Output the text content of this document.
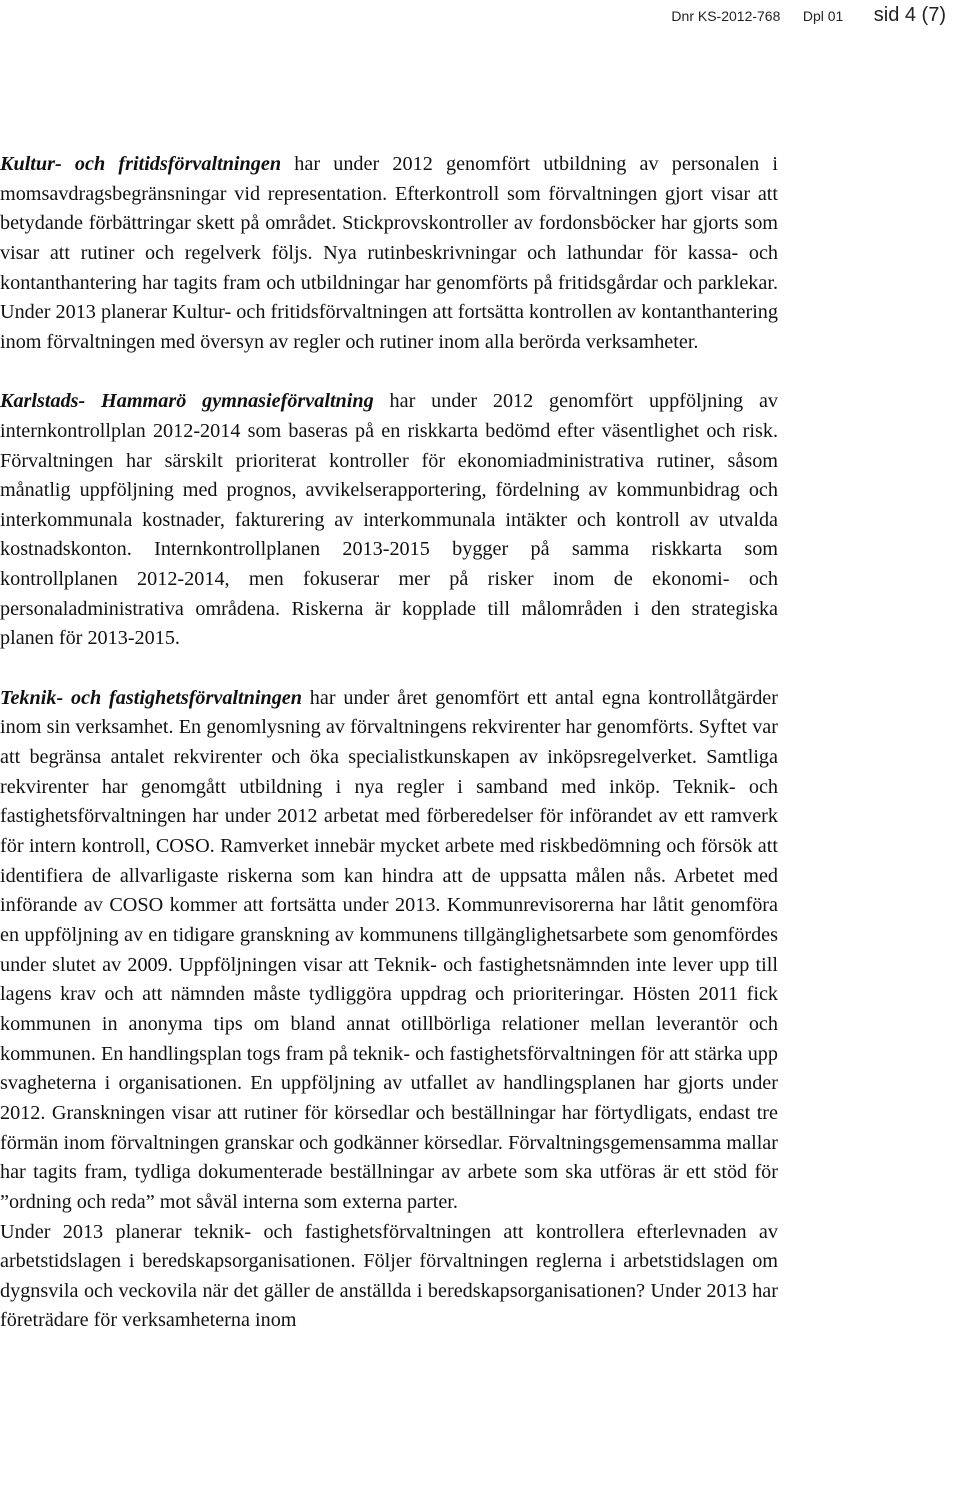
Dnr KS-2012-768 Dpl 01 sid 4 (7)

Kultur- och fritidsförvaltningen har under 2012 genomfört utbildning av personalen i momsavdragsbegränsningar vid representation. Efterkontroll som förvaltningen gjort visar att betydande förbättringar skett på området. Stickprovskontroller av fordonsböcker har gjorts som visar att rutiner och regelverk följs. Nya rutinbeskrivningar och lathundar för kassa- och kontanthantering har tagits fram och utbildningar har genomförts på fritidsgårdar och parklekar. Under 2013 planerar Kultur- och fritidsförvaltningen att fortsätta kontrollen av kontanthantering inom förvaltningen med översyn av regler och rutiner inom alla berörda verksamheter.

Karlstads- Hammarö gymnasieförvaltning har under 2012 genomfört uppföljning av internkontrollplan 2012-2014 som baseras på en riskkarta bedömd efter väsentlighet och risk. Förvaltningen har särskilt prioriterat kontroller för ekonomiadministrativa rutiner, såsom månatlig uppföljning med prognos, avvikelserapportering, fördelning av kommunbidrag och interkommunala kostnader, fakturering av interkommunala intäkter och kontroll av utvalda kostnadskonton. Internkontrollplanen 2013-2015 bygger på samma riskkarta som kontrollplanen 2012-2014, men fokuserar mer på risker inom de ekonomi- och personaladministrativa områdena. Riskerna är kopplade till målområden i den strategiska planen för 2013-2015.

Teknik- och fastighetsförvaltningen har under året genomfört ett antal egna kontrollåtgärder inom sin verksamhet. En genomlysning av förvaltningens rekvirenter har genomförts. Syftet var att begränsa antalet rekvirenter och öka specialistkunskapen av inköpsregelverket. Samtliga rekvirenter har genomgått utbildning i nya regler i samband med inköp. Teknik- och fastighetsförvaltningen har under 2012 arbetat med förberedelser för införandet av ett ramverk för intern kontroll, COSO. Ramverket innebär mycket arbete med riskbedömning och försök att identifiera de allvarligaste riskerna som kan hindra att de uppsatta målen nås. Arbetet med införande av COSO kommer att fortsätta under 2013. Kommunrevisorerna har låtit genomföra en uppföljning av en tidigare granskning av kommunens tillgänglighetsarbete som genomfördes under slutet av 2009. Uppföljningen visar att Teknik- och fastighetsnämnden inte lever upp till lagens krav och att nämnden måste tydliggöra uppdrag och prioriteringar. Hösten 2011 fick kommunen in anonyma tips om bland annat otillbörliga relationer mellan leverantör och kommunen. En handlingsplan togs fram på teknik- och fastighetsförvaltningen för att stärka upp svagheterna i organisationen. En uppföljning av utfallet av handlingsplanen har gjorts under 2012. Granskningen visar att rutiner för körsedlar och beställningar har förtydligats, endast tre förmän inom förvaltningen granskar och godkänner körsedlar. Förvaltningsgemensamma mallar har tagits fram, tydliga dokumenterade beställningar av arbete som ska utföras är ett stöd för ”ordning och reda” mot såväl interna som externa parter.

Under 2013 planerar teknik- och fastighetsförvaltningen att kontrollera efterlevnaden av arbetstidslagen i beredskapsorganisationen. Följer förvaltningen reglerna i arbetstidslagen om dygnsvila och veckovila när det gäller de anställda i beredskapsorganisationen? Under 2013 har företrädare för verksamheterna inom
